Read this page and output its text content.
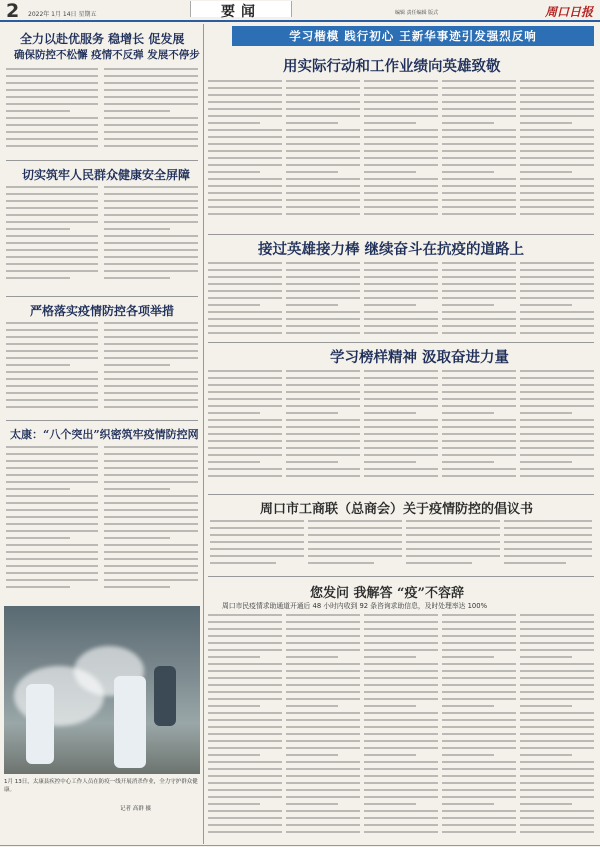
2 2022年 1月 14日 星期五	要闻	编辑 责任编辑 版式	周口日报
全力以赴优服务 稳增长 促发展
确保防控不松懈 疫情不反弹 发展不停步
切实筑牢人民群众健康安全屏障
严格落实疫情防控各项举措
太康：“八个突出”织密筑牢疫情防控网
1月 13日，太康县疾控中心工作人员在防疫一线开展消杀作业，全力守护群众健康。
记者 高群 摄
学习楷模 践行初心 王新华事迹引发强烈反响
用实际行动和工作业绩向英雄致敬
接过英雄接力棒 继续奋斗在抗疫的道路上
学习榜样精神 汲取奋进力量
周口市工商联（总商会）关于疫情防控的倡议书
您发问 我解答 “疫”不容辞
周口市民疫情求助通道开通后 48 小时内收到 92 条咨询求助信息，及时处理率达 100%
